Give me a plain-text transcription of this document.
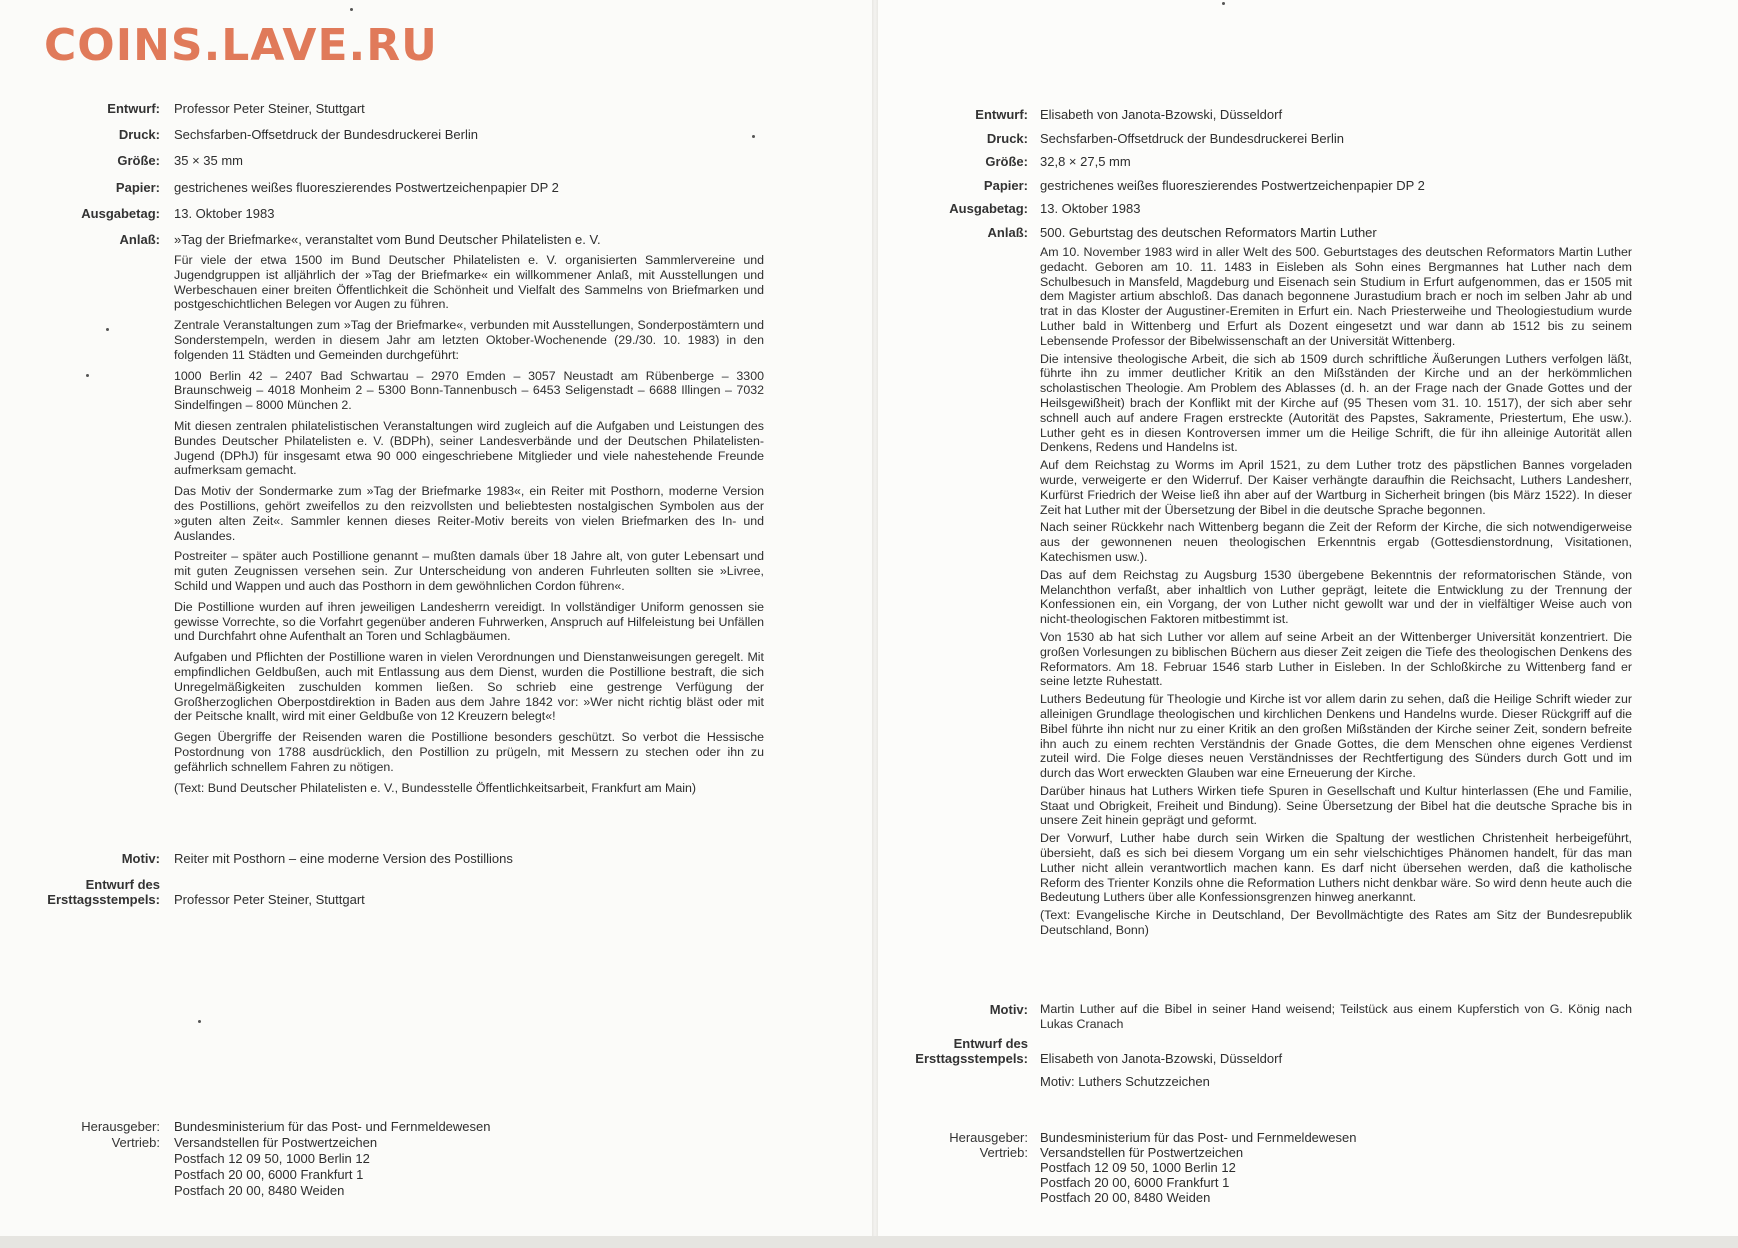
COINS.LAVE.RU
Entwurf: Professor Peter Steiner, Stuttgart
Druck: Sechsfarben-Offsetdruck der Bundesdruckerei Berlin
Größe: 35 × 35 mm
Papier: gestrichenes weißes fluoreszierendes Postwertzeichenpapier DP 2
Ausgabetag: 13. Oktober 1983
Anlaß: »Tag der Briefmarke«, veranstaltet vom Bund Deutscher Philatelisten e. V.

Für viele der etwa 1500 im Bund Deutscher Philatelisten e. V. organisierten Sammlervereine und Jugendgruppen ist alljährlich der »Tag der Briefmarke« ein willkommener Anlaß, mit Ausstellungen und Werbeschauen einer breiten Öffentlichkeit die Schönheit und Vielfalt des Sammelns von Briefmarken und postgeschichtlichen Belegen vor Augen zu führen.

Zentrale Veranstaltungen zum »Tag der Briefmarke«, verbunden mit Ausstellungen, Sonderpostämtern und Sonderstempeln, werden in diesem Jahr am letzten Oktober-Wochenende (29./30. 10. 1983) in den folgenden 11 Städten und Gemeinden durchgeführt:

1000 Berlin 42 – 2407 Bad Schwartau – 2970 Emden – 3057 Neustadt am Rübenberge – 3300 Braunschweig – 4018 Monheim 2 – 5300 Bonn-Tannenbusch – 6453 Seligenstadt – 6688 Illingen – 7032 Sindelfingen – 8000 München 2.

Mit diesen zentralen philatelistischen Veranstaltungen wird zugleich auf die Aufgaben und Leistungen des Bundes Deutscher Philatelisten e. V. (BDPh), seiner Landesverbände und der Deutschen Philatelisten-Jugend (DPhJ) für insgesamt etwa 90 000 eingeschriebene Mitglieder und viele nahestehende Freunde aufmerksam gemacht.

Das Motiv der Sondermarke zum »Tag der Briefmarke 1983«, ein Reiter mit Posthorn, moderne Version des Postillions, gehört zweifellos zu den reizvollsten und beliebtesten nostalgischen Symbolen aus der »guten alten Zeit«. Sammler kennen dieses Reiter-Motiv bereits von vielen Briefmarken des In- und Auslandes.

Postreiter – später auch Postillione genannt – mußten damals über 18 Jahre alt, von guter Lebensart und mit guten Zeugnissen versehen sein. Zur Unterscheidung von anderen Fuhrleuten sollten sie »Livree, Schild und Wappen und auch das Posthorn in dem gewöhnlichen Cordon führen«.

Die Postillione wurden auf ihren jeweiligen Landesherrn vereidigt. In vollständiger Uniform genossen sie gewisse Vorrechte, so die Vorfahrt gegenüber anderen Fuhrwerken, Anspruch auf Hilfeleistung bei Unfällen und Durchfahrt ohne Aufenthalt an Toren und Schlagbäumen.

Aufgaben und Pflichten der Postillione waren in vielen Verordnungen und Dienstanweisungen geregelt. Mit empfindlichen Geldbußen, auch mit Entlassung aus dem Dienst, wurden die Postillione bestraft, die sich Unregelmäßigkeiten zuschulden kommen ließen. So schrieb eine gestrenge Verfügung der Großherzoglichen Oberpostdirektion in Baden aus dem Jahre 1842 vor: »Wer nicht richtig bläst oder mit der Peitsche knallt, wird mit einer Geldbuße von 12 Kreuzern belegt«!

Gegen Übergriffe der Reisenden waren die Postillione besonders geschützt. So verbot die Hessische Postordnung von 1788 ausdrücklich, den Postillion zu prügeln, mit Messern zu stechen oder ihn zu gefährlich schnellem Fahren zu nötigen.

(Text: Bund Deutscher Philatelisten e. V., Bundesstelle Öffentlichkeitsarbeit, Frankfurt am Main)

Motiv: Reiter mit Posthorn – eine moderne Version des Postillions
Entwurf des
Ersttagsstempels: Professor Peter Steiner, Stuttgart
Herausgeber: Bundesministerium für das Post- und Fernmeldewesen
Vertrieb: Versandstellen für Postwertzeichen
Postfach 12 09 50, 1000 Berlin 12
Postfach 20 00, 6000 Frankfurt 1
Postfach 20 00, 8480 Weiden
Entwurf: Elisabeth von Janota-Bzowski, Düsseldorf
Druck: Sechsfarben-Offsetdruck der Bundesdruckerei Berlin
Größe: 32,8 × 27,5 mm
Papier: gestrichenes weißes fluoreszierendes Postwertzeichenpapier DP 2
Ausgabetag: 13. Oktober 1983
Anlaß: 500. Geburtstag des deutschen Reformators Martin Luther

Am 10. November 1983 wird in aller Welt des 500. Geburtstages des deutschen Reformators Martin Luther gedacht. Geboren am 10. 11. 1483 in Eisleben als Sohn eines Bergmannes hat Luther nach dem Schulbesuch in Mansfeld, Magdeburg und Eisenach sein Studium in Erfurt aufgenommen, das er 1505 mit dem Magister artium abschloß. Das danach begonnene Jurastudium brach er noch im selben Jahr ab und trat in das Kloster der Augustiner-Eremiten in Erfurt ein. Nach Priesterweihe und Theologiestudium wurde Luther bald in Wittenberg und Erfurt als Dozent eingesetzt und war dann ab 1512 bis zu seinem Lebensende Professor der Bibelwissenschaft an der Universität Wittenberg.

Die intensive theologische Arbeit, die sich ab 1509 durch schriftliche Äußerungen Luthers verfolgen läßt, führte ihn zu immer deutlicher Kritik an den Mißständen der Kirche und an der herkömmlichen scholastischen Theologie. Am Problem des Ablasses (d. h. an der Frage nach der Gnade Gottes und der Heilsgewißheit) brach der Konflikt mit der Kirche auf (95 Thesen vom 31. 10. 1517), der sich aber sehr schnell auch auf andere Fragen erstreckte (Autorität des Papstes, Sakramente, Priestertum, Ehe usw.). Luther geht es in diesen Kontroversen immer um die Heilige Schrift, die für ihn alleinige Autorität allen Denkens, Redens und Handelns ist.

Auf dem Reichstag zu Worms im April 1521, zu dem Luther trotz des päpstlichen Bannes vorgeladen wurde, verweigerte er den Widerruf. Der Kaiser verhängte daraufhin die Reichsacht, Luthers Landesherr, Kurfürst Friedrich der Weise ließ ihn aber auf der Wartburg in Sicherheit bringen (bis März 1522). In dieser Zeit hat Luther mit der Übersetzung der Bibel in die deutsche Sprache begonnen.

Nach seiner Rückkehr nach Wittenberg begann die Zeit der Reform der Kirche, die sich notwendigerweise aus der gewonnenen neuen theologischen Erkenntnis ergab (Gottesdienstordnung, Visitationen, Katechismen usw.).

Das auf dem Reichstag zu Augsburg 1530 übergebene Bekenntnis der reformatorischen Stände, von Melanchthon verfaßt, aber inhaltlich von Luther geprägt, leitete die Entwicklung zu der Trennung der Konfessionen ein, ein Vorgang, der von Luther nicht gewollt war und der in vielfältiger Weise auch von nicht-theologischen Faktoren mitbestimmt ist.

Von 1530 ab hat sich Luther vor allem auf seine Arbeit an der Wittenberger Universität konzentriert. Die großen Vorlesungen zu biblischen Büchern aus dieser Zeit zeigen die Tiefe des theologischen Denkens des Reformators. Am 18. Februar 1546 starb Luther in Eisleben. In der Schloßkirche zu Wittenberg fand er seine letzte Ruhestatt.

Luthers Bedeutung für Theologie und Kirche ist vor allem darin zu sehen, daß die Heilige Schrift wieder zur alleinigen Grundlage theologischen und kirchlichen Denkens und Handelns wurde. Dieser Rückgriff auf die Bibel führte ihn nicht nur zu einer Kritik an den großen Mißständen der Kirche seiner Zeit, sondern befreite ihn auch zu einem rechten Verständnis der Gnade Gottes, die dem Menschen ohne eigenes Verdienst zuteil wird. Die Folge dieses neuen Verständnisses der Rechtfertigung des Sünders durch Gott und im durch das Wort erweckten Glauben war eine Erneuerung der Kirche.

Darüber hinaus hat Luthers Wirken tiefe Spuren in Gesellschaft und Kultur hinterlassen (Ehe und Familie, Staat und Obrigkeit, Freiheit und Bindung). Seine Übersetzung der Bibel hat die deutsche Sprache bis in unsere Zeit hinein geprägt und geformt.

Der Vorwurf, Luther habe durch sein Wirken die Spaltung der westlichen Christenheit herbeigeführt, übersieht, daß es sich bei diesem Vorgang um ein sehr vielschichtiges Phänomen handelt, für das man Luther nicht allein verantwortlich machen kann. Es darf nicht übersehen werden, daß die katholische Reform des Trienter Konzils ohne die Reformation Luthers nicht denkbar wäre. So wird denn heute auch die Bedeutung Luthers über alle Konfessionsgrenzen hinweg anerkannt.

(Text: Evangelische Kirche in Deutschland, Der Bevollmächtigte des Rates am Sitz der Bundesrepublik Deutschland, Bonn)

Motiv: Martin Luther auf die Bibel in seiner Hand weisend; Teilstück aus einem Kupferstich von G. König nach Lukas Cranach
Entwurf des
Ersttagsstempels: Elisabeth von Janota-Bzowski, Düsseldorf
Motiv: Luthers Schutzzeichen
Herausgeber: Bundesministerium für das Post- und Fernmeldewesen
Vertrieb: Versandstellen für Postwertzeichen
Postfach 12 09 50, 1000 Berlin 12
Postfach 20 00, 6000 Frankfurt 1
Postfach 20 00, 8480 Weiden
